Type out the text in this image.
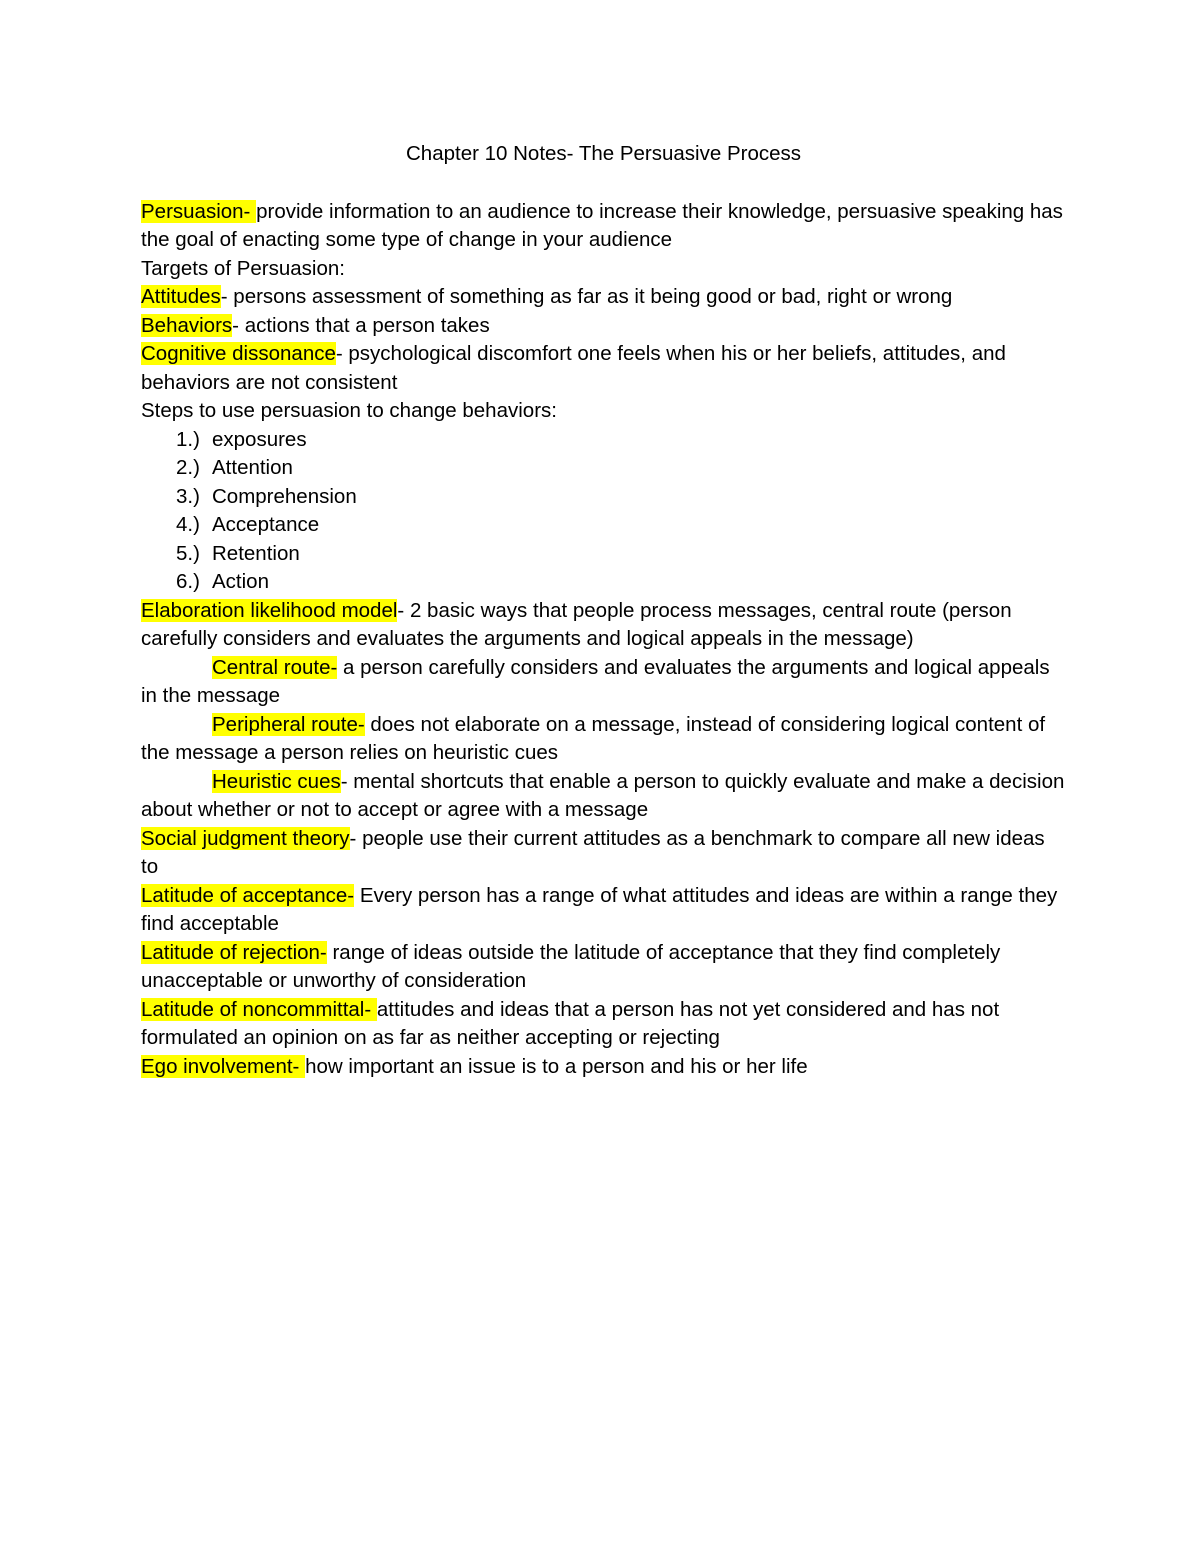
Chapter 10 Notes- The Persuasive Process

Persuasion- provide information to an audience to increase their knowledge, persuasive speaking has the goal of enacting some type of change in your audience

Targets of Persuasion:

Attitudes- persons assessment of something as far as it being good or bad, right or wrong

Behaviors- actions that a person takes

Cognitive dissonance- psychological discomfort one feels when his or her beliefs, attitudes, and behaviors are not consistent

Steps to use persuasion to change behaviors:

1.) exposures
2.) Attention
3.) Comprehension
4.) Acceptance
5.) Retention
6.) Action

Elaboration likelihood model- 2 basic ways that people process messages, central route (person carefully considers and evaluates the arguments and logical appeals in the message)

Central route- a person carefully considers and evaluates the arguments and logical appeals in the message

Peripheral route- does not elaborate on a message, instead of considering logical content of the message a person relies on heuristic cues

Heuristic cues- mental shortcuts that enable a person to quickly evaluate and make a decision about whether or not to accept or agree with a message

Social judgment theory- people use their current attitudes as a benchmark to compare all new ideas to

Latitude of acceptance- Every person has a range of what attitudes and ideas are within a range they find acceptable

Latitude of rejection- range of ideas outside the latitude of acceptance that they find completely unacceptable or unworthy of consideration

Latitude of noncommittal- attitudes and ideas that a person has not yet considered and has not formulated an opinion on as far as neither accepting or rejecting

Ego involvement- how important an issue is to a person and his or her life
